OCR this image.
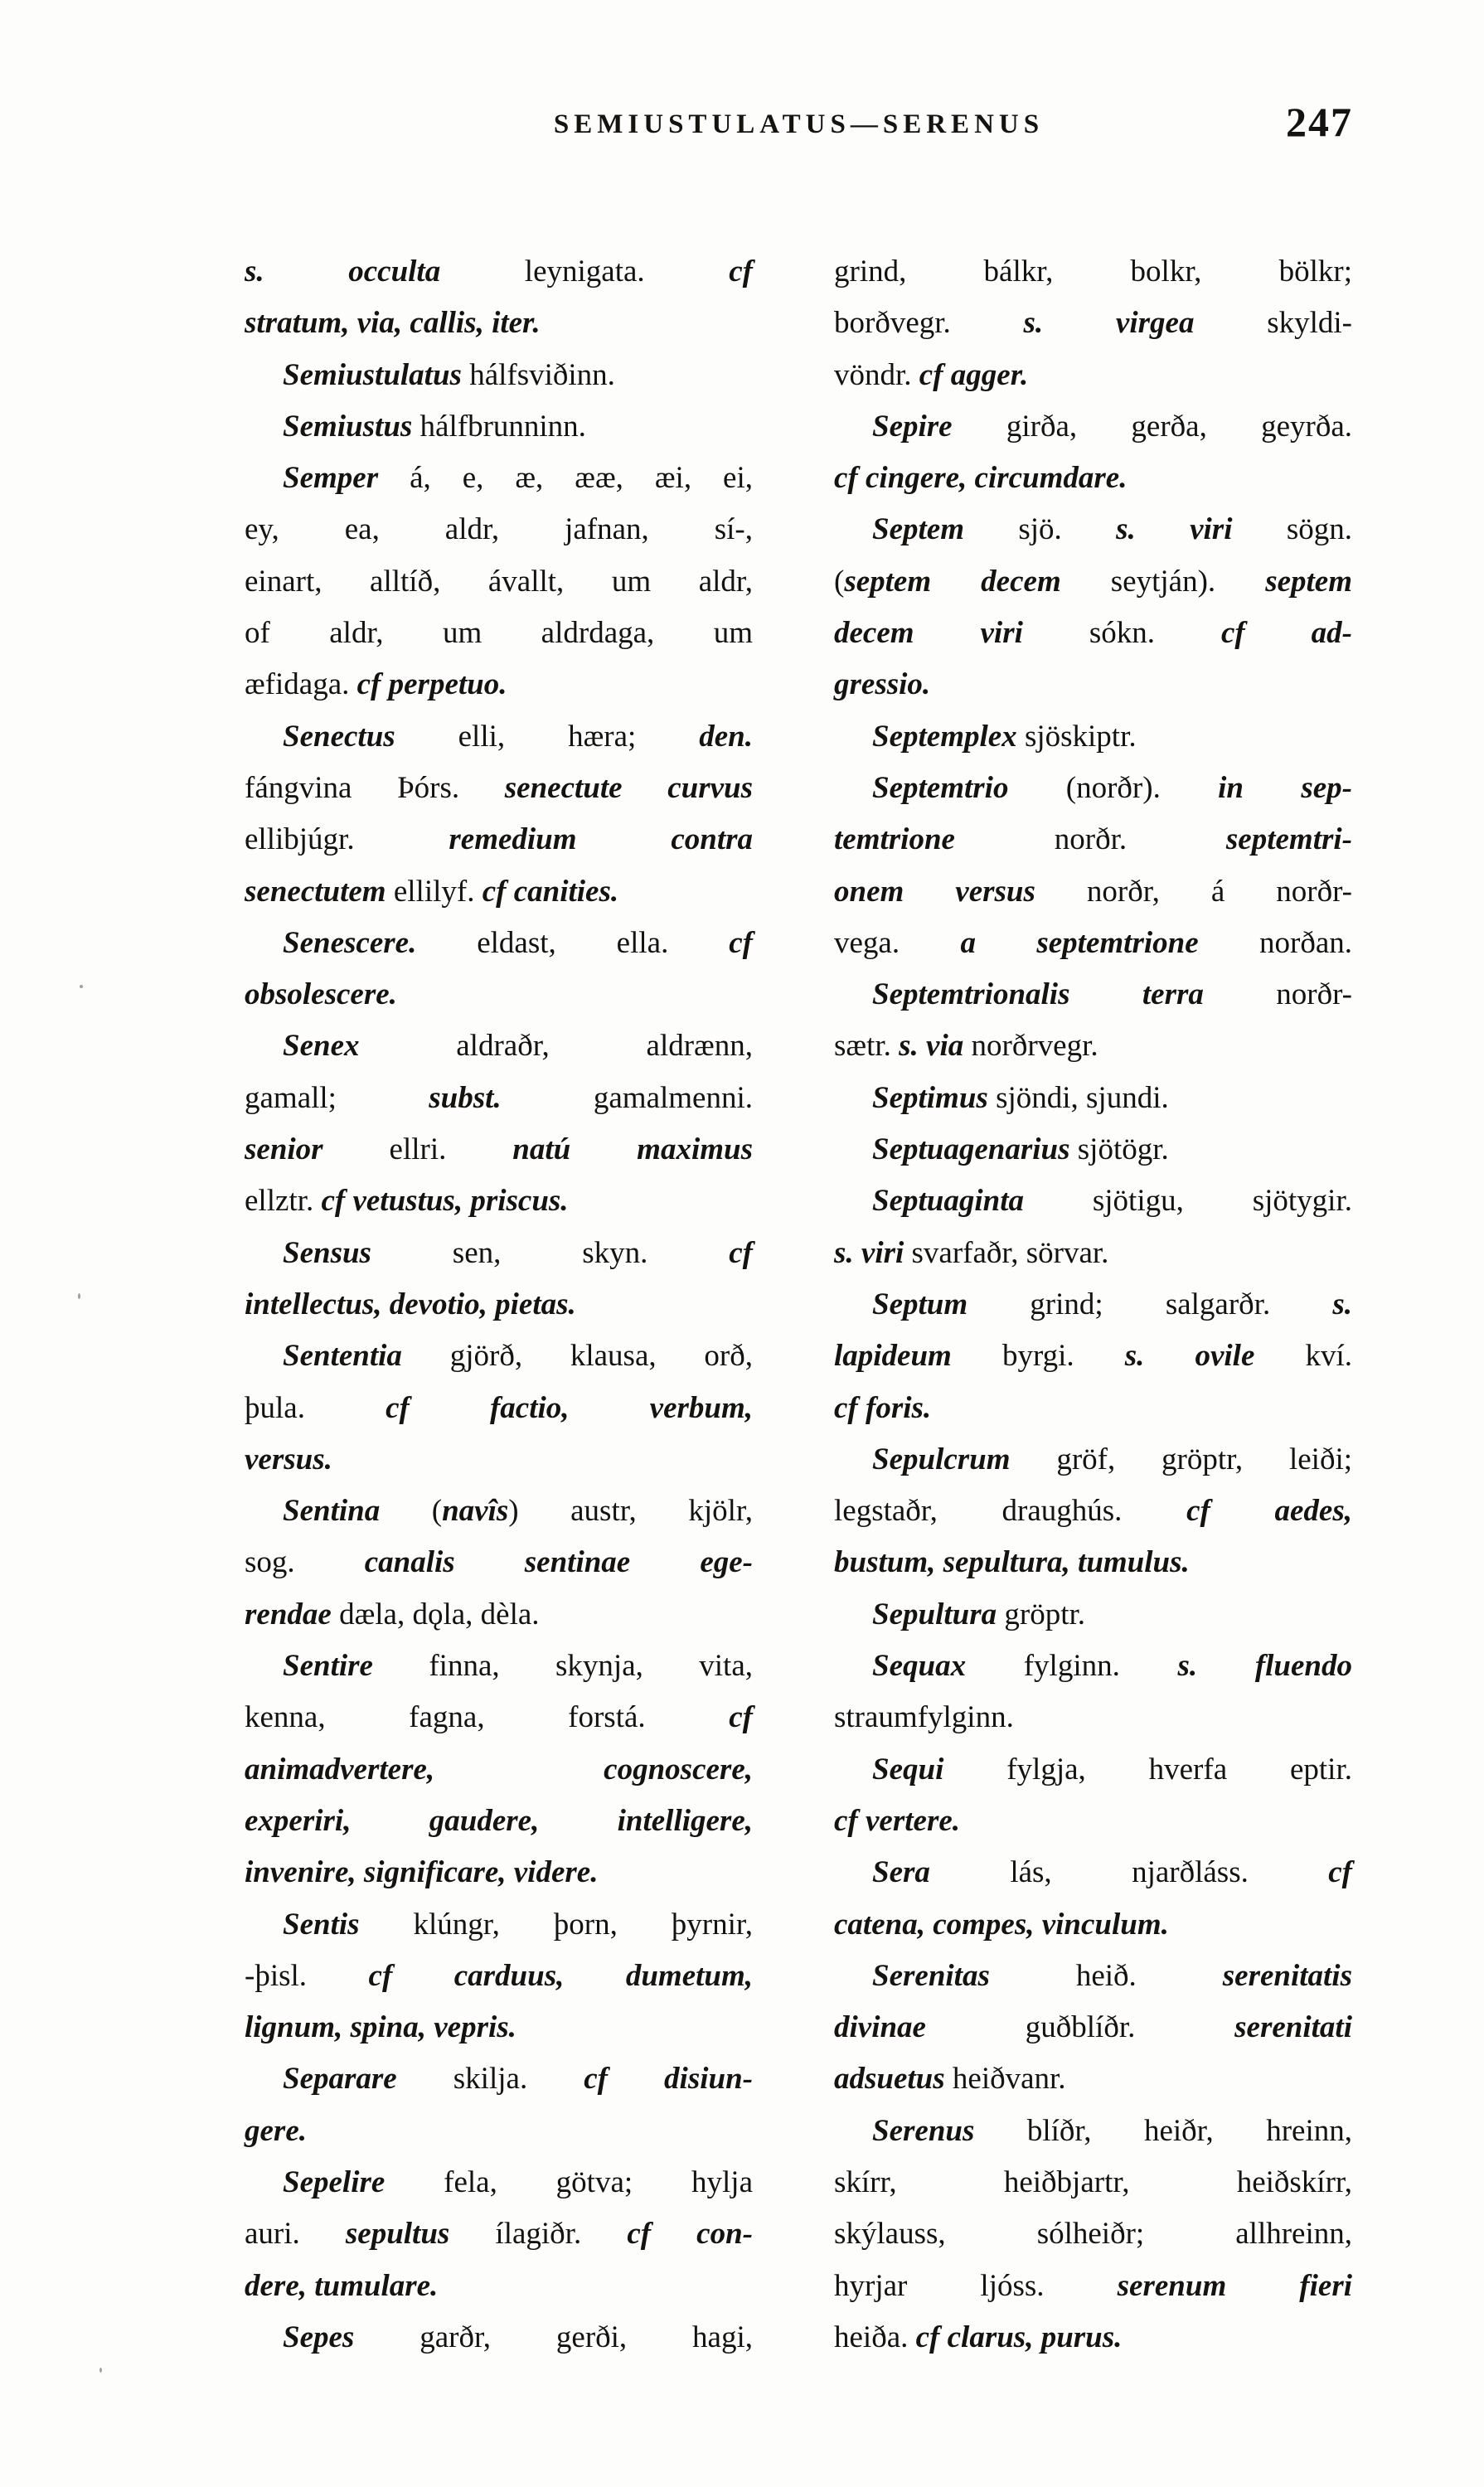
SEMIUSTULATUS—SERENUS	247
s. occulta leynigata. cf
stratum, via, callis, iter.
Semiustulatus hálfsviðinn.
Semiustus hálfbrunninn.
Semper á, e, æ, ææ, æi, ei,
ey, ea, aldr, jafnan, sí-,
einart, alltíð, ávallt, um aldr,
of aldr, um aldrdaga, um
æfidaga. cf perpetuo.
Senectus elli, hæra; den.
fángvina Þórs. senectute curvus
ellibjúgr. remedium contra
senectutem ellilyf. cf canities.
Senescere. eldast, ella. cf
obsolescere.
Senex aldraðr, aldrænn,
gamall; subst. gamalmenni.
senior ellri. natú maximus
ellztr. cf vetustus, priscus.
Sensus sen, skyn. cf
intellectus, devotio, pietas.
Sententia gjörð, klausa, orð,
þula. cf factio, verbum,
versus.
Sentina (navîs) austr, kjölr,
sog. canalis sentinae ege-
rendae dæla, dǫla, dèla.
Sentire finna, skynja, vita,
kenna, fagna, forstá. cf
animadvertere, cognoscere,
experiri, gaudere, intelligere,
invenire, significare, videre.
Sentis klúngr, þorn, þyrnir,
-þisl. cf carduus, dumetum,
lignum, spina, vepris.
Separare skilja. cf disiun-
gere.
Sepelire fela, götva; hylja
auri. sepultus ílagiðr. cf con-
dere, tumulare.
Sepes garðr, gerði, hagi,
grind, bálkr, bolkr, bölkr;
borðvegr. s. virgea skyldi-
vöndr. cf agger.
Sepire girða, gerða, geyrða.
cf cingere, circumdare.
Septem sjö. s. viri sögn.
(septem decem seytján). septem
decem viri sókn. cf ad-
gressio.
Septemplex sjöskiptr.
Septemtrio (norðr). in sep-
temtrione norðr. septemtri-
onem versus norðr, á norðr-
vega. a septemtrione norðan.
Septemtrionalis terra norðr-
sætr. s. via norðrvegr.
Septimus sjöndi, sjundi.
Septuagenarius sjötögr.
Septuaginta sjötigu, sjötygir.
s. viri svarfaðr, sörvar.
Septum grind; salgarðr. s.
lapideum byrgi. s. ovile kví.
cf foris.
Sepulcrum gröf, gröptr, leiði;
legstaðr, draughús. cf aedes,
bustum, sepultura, tumulus.
Sepultura gröptr.
Sequax fylginn. s. fluendo
straumfylginn.
Sequi fylgja, hverfa eptir.
cf vertere.
Sera lás, njarðláss. cf
catena, compes, vinculum.
Serenitas heið. serenitatis
divinae guðblíðr. serenitati
adsuetus heiðvanr.
Serenus blíðr, heiðr, hreinn,
skírr, heiðbjartr, heiðskírr,
skýlauss, sólheiðr; allhreinn,
hyrjar ljóss. serenum fieri
heiða. cf clarus, purus.
